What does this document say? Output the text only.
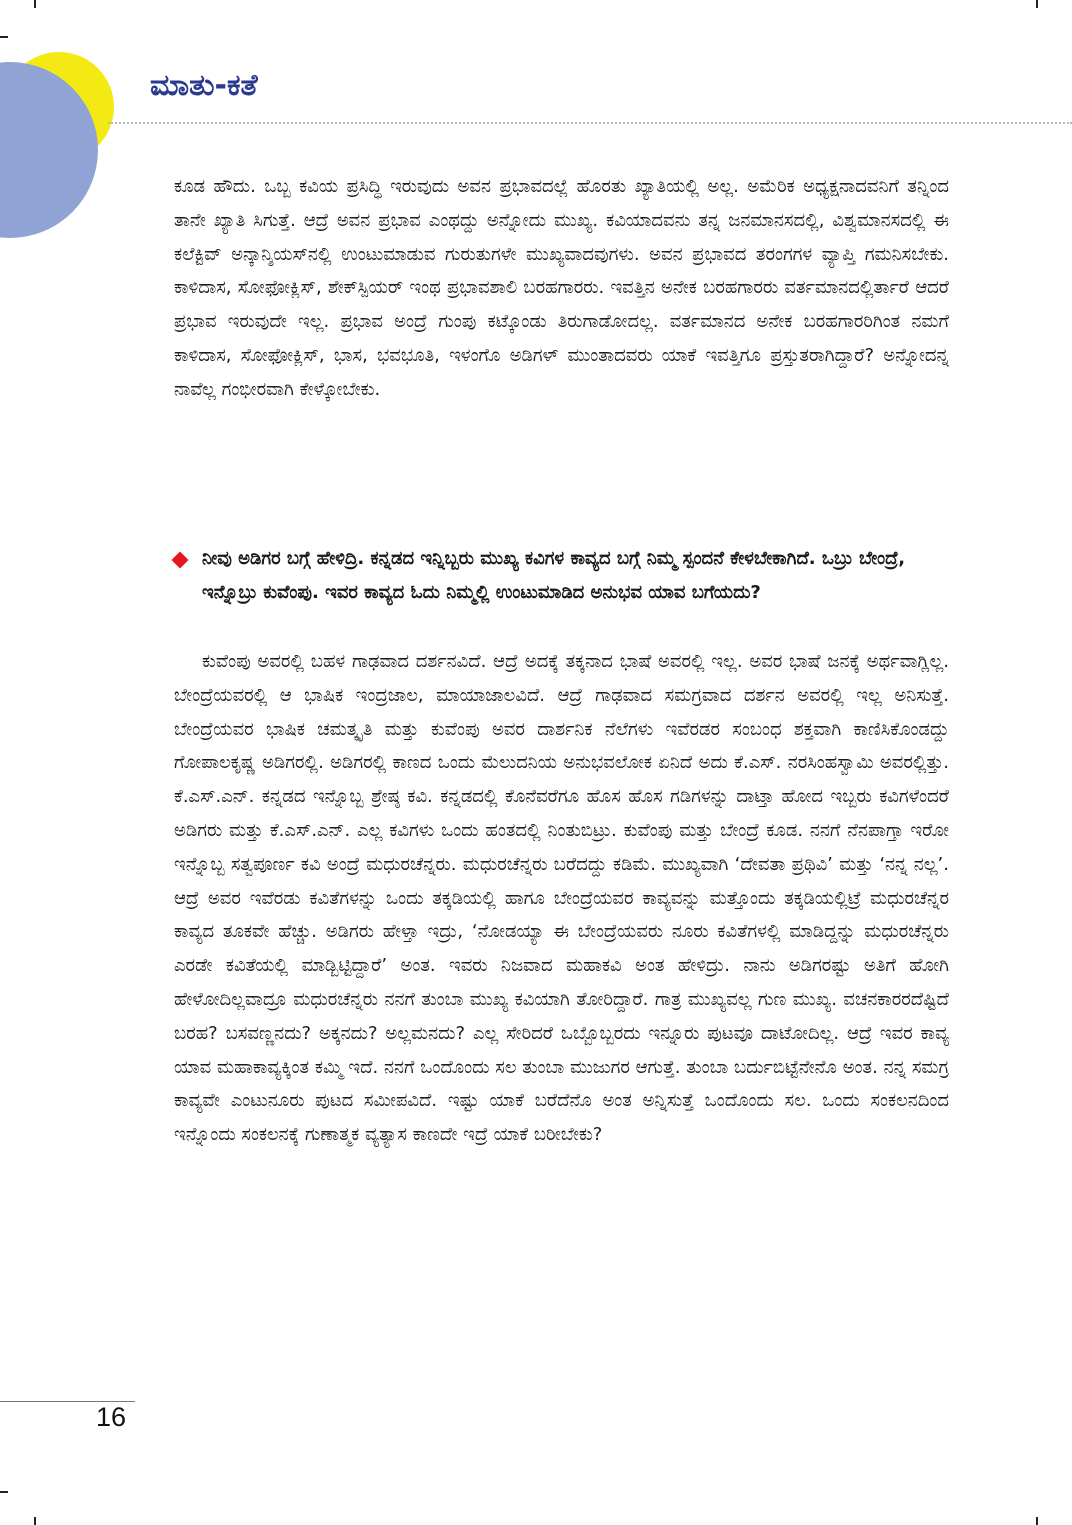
ಮಾತು-ಕತೆ

ಕೂಡ ಹೌದು. ಒಬ್ಬ ಕವಿಯ ಪ್ರಸಿದ್ಧಿ ಇರುವುದು ಅವನ ಪ್ರಭಾವದಲ್ಲೆ ಹೊರತು ಖ್ಯಾತಿಯಲ್ಲಿ ಅಲ್ಲ. ಅಮೆರಿಕ ಅಧ್ಯಕ್ಷನಾದವನಿಗೆ ತನ್ನಿಂದ ತಾನೇ ಖ್ಯಾತಿ ಸಿಗುತ್ತೆ. ಆದ್ರೆ ಅವನ ಪ್ರಭಾವ ಎಂಥದ್ದು ಅನ್ನೋದು ಮುಖ್ಯ. ಕವಿಯಾದವನು ತನ್ನ ಜನಮಾನಸದಲ್ಲಿ, ವಿಶ್ವಮಾನಸದಲ್ಲಿ ಈ ಕಲೆಕ್ಟಿವ್ ಅನ್ಕಾನ್ಶಿಯಸ್‌ನಲ್ಲಿ ಉಂಟುಮಾಡುವ ಗುರುತುಗಳೇ ಮುಖ್ಯವಾದವುಗಳು. ಅವನ ಪ್ರಭಾವದ ತರಂಗಗಳ ವ್ಯಾಪ್ತಿ ಗಮನಿಸಬೇಕು. ಕಾಳಿದಾಸ, ಸೋಫೋಕ್ಲಿಸ್, ಶೇಕ್‌ಸ್ಪಿಯರ್ ಇಂಥ ಪ್ರಭಾವಶಾಲಿ ಬರಹಗಾರರು. ಇವತ್ತಿನ ಅನೇಕ ಬರಹಗಾರರು ವರ್ತಮಾನದಲ್ಲಿರ್ತಾರೆ ಆದರೆ ಪ್ರಭಾವ ಇರುವುದೇ ಇಲ್ಲ. ಪ್ರಭಾವ ಅಂದ್ರೆ ಗುಂಪು ಕಟ್ಕೊಂಡು ತಿರುಗಾಡೋದಲ್ಲ. ವರ್ತಮಾನದ ಅನೇಕ ಬರಹಗಾರರಿಗಿಂತ ನಮಗೆ ಕಾಳಿದಾಸ, ಸೋಫೋಕ್ಲಿಸ್, ಭಾಸ, ಭವಭೂತಿ, ಇಳಂಗೊ ಅಡಿಗಳ್ ಮುಂತಾದವರು ಯಾಕೆ ಇವತ್ತಿಗೂ ಪ್ರಸ್ತುತರಾಗಿದ್ದಾರೆ? ಅನ್ನೋದನ್ನ ನಾವೆಲ್ಲ ಗಂಭೀರವಾಗಿ ಕೇಳ್ಕೋಬೇಕು.

ನೀವು ಅಡಿಗರ ಬಗ್ಗೆ ಹೇಳಿದ್ರಿ. ಕನ್ನಡದ ಇನ್ನಿಬ್ಬರು ಮುಖ್ಯ ಕವಿಗಳ ಕಾವ್ಯದ ಬಗ್ಗೆ ನಿಮ್ಮ ಸ್ಪಂದನೆ ಕೇಳಬೇಕಾಗಿದೆ. ಒಬ್ರು ಬೇಂದ್ರೆ, ಇನ್ನೊಬ್ರು ಕುವೆಂಪು. ಇವರ ಕಾವ್ಯದ ಓದು ನಿಮ್ಮಲ್ಲಿ ಉಂಟುಮಾಡಿದ ಅನುಭವ ಯಾವ ಬಗೆಯದು?

ಕುವೆಂಪು ಅವರಲ್ಲಿ ಬಹಳ ಗಾಢವಾದ ದರ್ಶನವಿದೆ. ಆದ್ರೆ ಅದಕ್ಕೆ ತಕ್ಕನಾದ ಭಾಷೆ ಅವರಲ್ಲಿ ಇಲ್ಲ. ಅವರ ಭಾಷೆ ಜನಕ್ಕೆ ಅರ್ಥವಾಗ್ಲಿಲ್ಲ. ಬೇಂದ್ರೆಯವರಲ್ಲಿ ಆ ಭಾಷಿಕ ಇಂದ್ರಜಾಲ, ಮಾಯಾಜಾಲವಿದೆ. ಆದ್ರೆ ಗಾಢವಾದ ಸಮಗ್ರವಾದ ದರ್ಶನ ಅವರಲ್ಲಿ ಇಲ್ಲ ಅನಿಸುತ್ತೆ. ಬೇಂದ್ರೆಯವರ ಭಾಷಿಕ ಚಮತ್ಕೃತಿ ಮತ್ತು ಕುವೆಂಪು ಅವರ ದಾರ್ಶನಿಕ ನೆಲೆಗಳು ಇವೆರಡರ ಸಂಬಂಧ ಶಕ್ತವಾಗಿ ಕಾಣಿಸಿಕೊಂಡದ್ದು ಗೋಪಾಲಕೃಷ್ಣ ಅಡಿಗರಲ್ಲಿ. ಅಡಿಗರಲ್ಲಿ ಕಾಣದ ಒಂದು ಮೆಲುದನಿಯ ಅನುಭವಲೋಕ ಏನಿದೆ ಅದು ಕೆ.ಎಸ್. ನರಸಿಂಹಸ್ವಾಮಿ ಅವರಲ್ಲಿತ್ತು. ಕೆ.ಎಸ್.ಎನ್. ಕನ್ನಡದ ಇನ್ನೊಬ್ಬ ಶ್ರೇಷ್ಠ ಕವಿ. ಕನ್ನಡದಲ್ಲಿ ಕೊನೆವರೆಗೂ ಹೊಸ ಹೊಸ ಗಡಿಗಳನ್ನು ದಾಟ್ತಾ ಹೋದ ಇಬ್ಬರು ಕವಿಗಳೆಂದರೆ ಅಡಿಗರು ಮತ್ತು ಕೆ.ಎಸ್.ಎನ್. ಎಲ್ಲ ಕವಿಗಳು ಒಂದು ಹಂತದಲ್ಲಿ ನಿಂತುಬಿಟ್ರು. ಕುವೆಂಪು ಮತ್ತು ಬೇಂದ್ರೆ ಕೂಡ. ನನಗೆ ನೆನಪಾಗ್ತಾ ಇರೋ ಇನ್ನೊಬ್ಬ ಸತ್ವಪೂರ್ಣ ಕವಿ ಅಂದ್ರೆ ಮಧುರಚೆನ್ನರು. ಮಧುರಚೆನ್ನರು ಬರೆದದ್ದು ಕಡಿಮೆ. ಮುಖ್ಯವಾಗಿ ‘ದೇವತಾ ಪ್ರಥಿವಿ’ ಮತ್ತು ‘ನನ್ನ ನಲ್ಲ’. ಆದ್ರೆ ಅವರ ಇವೆರಡು ಕವಿತೆಗಳನ್ನು ಒಂದು ತಕ್ಕಡಿಯಲ್ಲಿ ಹಾಗೂ ಬೇಂದ್ರೆಯವರ ಕಾವ್ಯವನ್ನು ಮತ್ತೊಂದು ತಕ್ಕಡಿಯಲ್ಲಿಟ್ರೆ ಮಧುರಚೆನ್ನರ ಕಾವ್ಯದ ತೂಕವೇ ಹೆಚ್ಚು. ಅಡಿಗರು ಹೇಳ್ತಾ ಇದ್ರು, ‘ನೋಡಯ್ಯಾ ಈ ಬೇಂದ್ರೆಯವರು ನೂರು ಕವಿತೆಗಳಲ್ಲಿ ಮಾಡಿದ್ದನ್ನು ಮಧುರಚೆನ್ನರು ಎರಡೇ ಕವಿತೆಯಲ್ಲಿ ಮಾಡ್ಬಿಟ್ಟಿದ್ದಾರೆ’ ಅಂತ. ಇವರು ನಿಜವಾದ ಮಹಾಕವಿ ಅಂತ ಹೇಳಿದ್ರು. ನಾನು ಅಡಿಗರಷ್ಟು ಅತಿಗೆ ಹೋಗಿ ಹೇಳೋದಿಲ್ಲವಾದ್ರೂ ಮಧುರಚೆನ್ನರು ನನಗೆ ತುಂಬಾ ಮುಖ್ಯ ಕವಿಯಾಗಿ ತೋರಿದ್ದಾರೆ. ಗಾತ್ರ ಮುಖ್ಯವಲ್ಲ ಗುಣ ಮುಖ್ಯ. ವಚನಕಾರರದೆಷ್ಟಿದೆ ಬರಹ? ಬಸವಣ್ಣನದು? ಅಕ್ಕನದು? ಅಲ್ಲಮನದು? ಎಲ್ಲ ಸೇರಿದರೆ ಒಬ್ಬೊಬ್ಬರದು ಇನ್ನೂರು ಪುಟವೂ ದಾಟೋದಿಲ್ಲ. ಆದ್ರೆ ಇವರ ಕಾವ್ಯ ಯಾವ ಮಹಾಕಾವ್ಯಕ್ಕಿಂತ ಕಮ್ಮಿ ಇದೆ. ನನಗೆ ಒಂದೊಂದು ಸಲ ತುಂಬಾ ಮುಜುಗರ ಆಗುತ್ತೆ. ತುಂಬಾ ಬರ್ದುಬಿಟ್ಟೆನೇನೊ ಅಂತ. ನನ್ನ ಸಮಗ್ರ ಕಾವ್ಯವೇ ಎಂಟುನೂರು ಪುಟದ ಸಮೀಪವಿದೆ. ಇಷ್ಟು ಯಾಕೆ ಬರೆದೆನೊ ಅಂತ ಅನ್ನಿಸುತ್ತೆ ಒಂದೊಂದು ಸಲ. ಒಂದು ಸಂಕಲನದಿಂದ ಇನ್ನೊಂದು ಸಂಕಲನಕ್ಕೆ ಗುಣಾತ್ಮಕ ವ್ಯತ್ಯಾಸ ಕಾಣದೇ ಇದ್ರೆ ಯಾಕೆ ಬರೀಬೇಕು?

16
